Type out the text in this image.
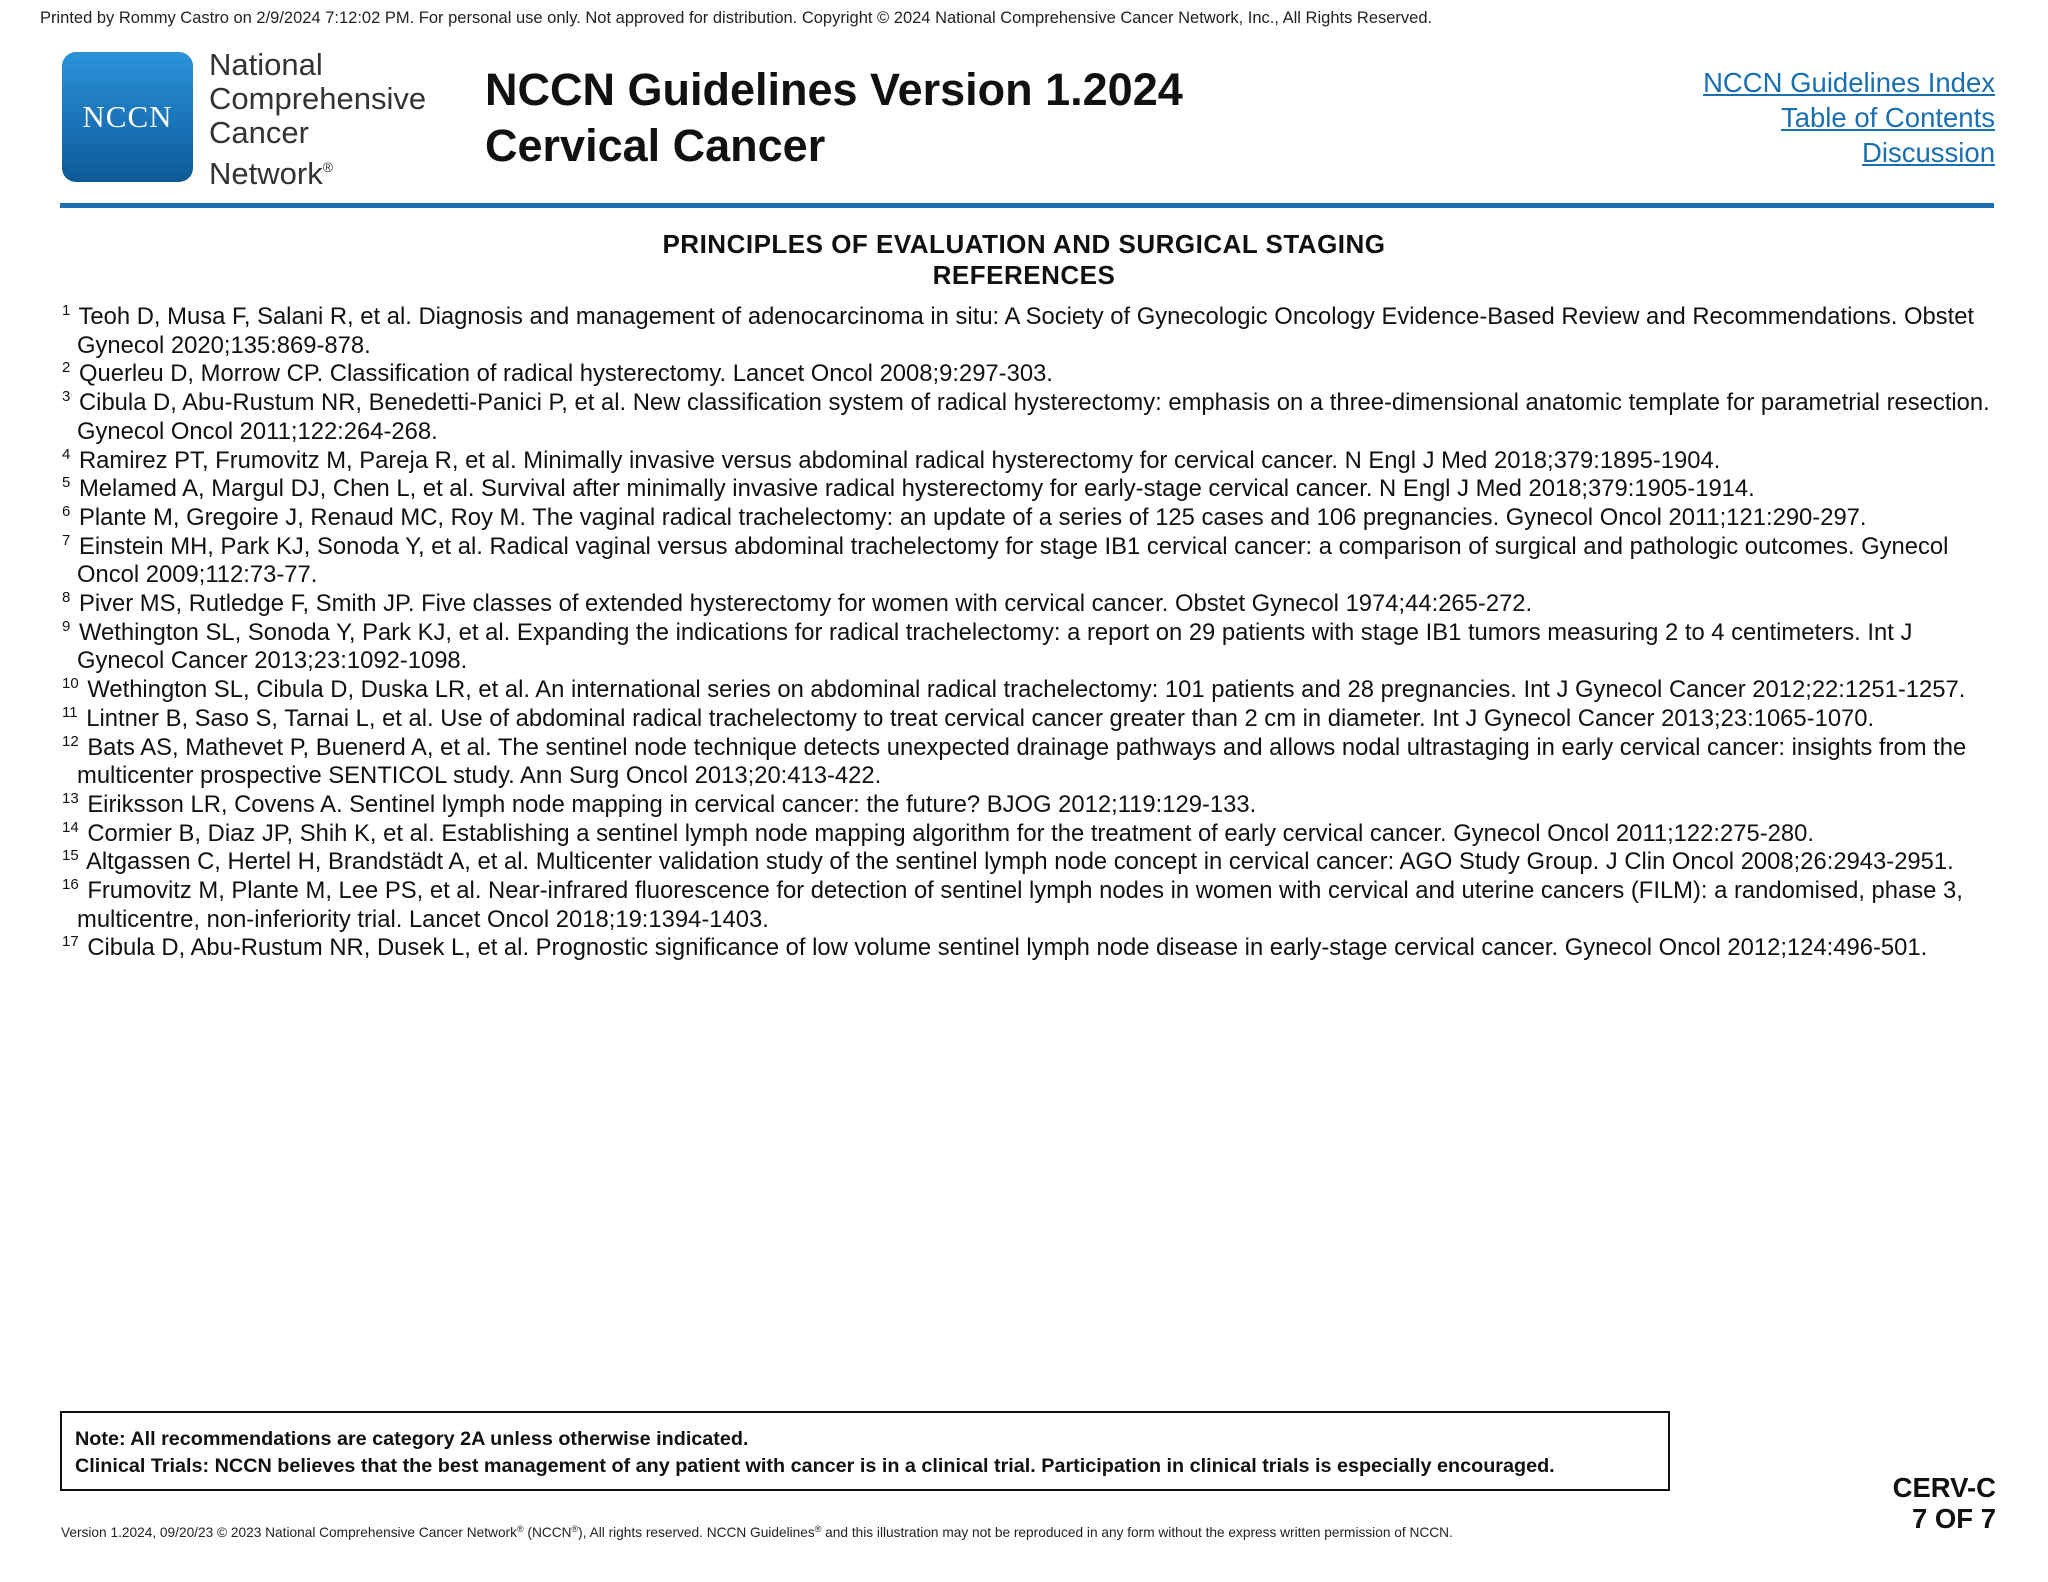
Printed by Rommy Castro on 2/9/2024 7:12:02 PM. For personal use only. Not approved for distribution. Copyright © 2024 National Comprehensive Cancer Network, Inc., All Rights Reserved.
NCCN
National
Comprehensive
Cancer
Network®
NCCN Guidelines Version 1.2024
Cervical Cancer
NCCN Guidelines Index
Table of Contents
Discussion
PRINCIPLES OF EVALUATION AND SURGICAL STAGING
REFERENCES
$^1$ Teoh D, Musa F, Salani R, et al. Diagnosis and management of adenocarcinoma in situ: A Society of Gynecologic Oncology Evidence-Based Review and Recommendations. Obstet Gynecol 2020;135:869-878.
$^2$ Querleu D, Morrow CP. Classification of radical hysterectomy. Lancet Oncol 2008;9:297-303.
$^3$ Cibula D, Abu-Rustum NR, Benedetti-Panici P, et al. New classification system of radical hysterectomy: emphasis on a three-dimensional anatomic template for parametrial resection. Gynecol Oncol 2011;122:264-268.
$^4$ Ramirez PT, Frumovitz M, Pareja R, et al. Minimally invasive versus abdominal radical hysterectomy for cervical cancer. N Engl J Med 2018;379:1895-1904.
$^5$ Melamed A, Margul DJ, Chen L, et al. Survival after minimally invasive radical hysterectomy for early-stage cervical cancer. N Engl J Med 2018;379:1905-1914.
$^6$ Plante M, Gregoire J, Renaud MC, Roy M. The vaginal radical trachelectomy: an update of a series of 125 cases and 106 pregnancies. Gynecol Oncol 2011;121:290-297.
$^7$ Einstein MH, Park KJ, Sonoda Y, et al. Radical vaginal versus abdominal trachelectomy for stage IB1 cervical cancer: a comparison of surgical and pathologic outcomes. Gynecol Oncol 2009;112:73-77.
$^8$ Piver MS, Rutledge F, Smith JP. Five classes of extended hysterectomy for women with cervical cancer. Obstet Gynecol 1974;44:265-272.
$^9$ Wethington SL, Sonoda Y, Park KJ, et al. Expanding the indications for radical trachelectomy: a report on 29 patients with stage IB1 tumors measuring 2 to 4 centimeters. Int J Gynecol Cancer 2013;23:1092-1098.
$^{10}$ Wethington SL, Cibula D, Duska LR, et al. An international series on abdominal radical trachelectomy: 101 patients and 28 pregnancies. Int J Gynecol Cancer 2012;22:1251-1257.
$^{11}$ Lintner B, Saso S, Tarnai L, et al. Use of abdominal radical trachelectomy to treat cervical cancer greater than 2 cm in diameter. Int J Gynecol Cancer 2013;23:1065-1070.
$^{12}$ Bats AS, Mathevet P, Buenerd A, et al. The sentinel node technique detects unexpected drainage pathways and allows nodal ultrastaging in early cervical cancer: insights from the multicenter prospective SENTICOL study. Ann Surg Oncol 2013;20:413-422.
$^{13}$ Eiriksson LR, Covens A. Sentinel lymph node mapping in cervical cancer: the future? BJOG 2012;119:129-133.
$^{14}$ Cormier B, Diaz JP, Shih K, et al. Establishing a sentinel lymph node mapping algorithm for the treatment of early cervical cancer. Gynecol Oncol 2011;122:275-280.
$^{15}$ Altgassen C, Hertel H, Brandstädt A, et al. Multicenter validation study of the sentinel lymph node concept in cervical cancer: AGO Study Group. J Clin Oncol 2008;26:2943-2951.
$^{16}$ Frumovitz M, Plante M, Lee PS, et al. Near-infrared fluorescence for detection of sentinel lymph nodes in women with cervical and uterine cancers (FILM): a randomised, phase 3, multicentre, non-inferiority trial. Lancet Oncol 2018;19:1394-1403.
$^{17}$ Cibula D, Abu-Rustum NR, Dusek L, et al. Prognostic significance of low volume sentinel lymph node disease in early-stage cervical cancer. Gynecol Oncol 2012;124:496-501.
Note: All recommendations are category 2A unless otherwise indicated.
Clinical Trials: NCCN believes that the best management of any patient with cancer is in a clinical trial. Participation in clinical trials is especially encouraged.
CERV-C
7 OF 7
Version 1.2024, 09/20/23 © 2023 National Comprehensive Cancer Network® (NCCN®), All rights reserved. NCCN Guidelines® and this illustration may not be reproduced in any form without the express written permission of NCCN.
